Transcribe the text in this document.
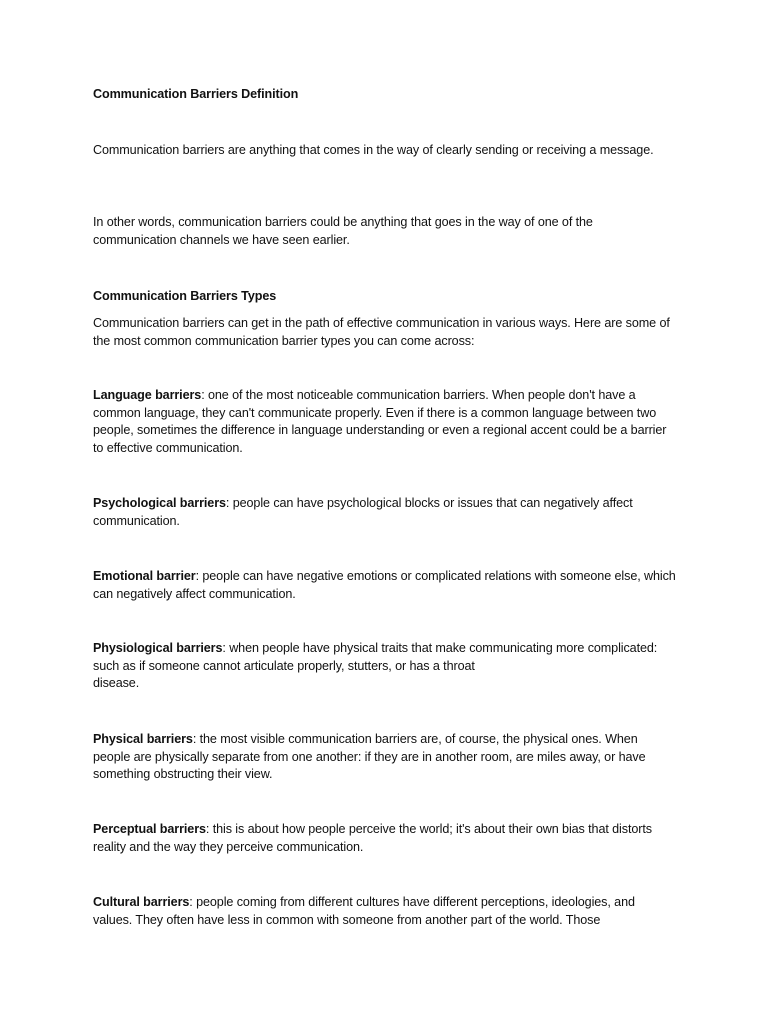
Communication Barriers Definition
Communication barriers are anything that comes in the way of clearly sending or receiving a message.
In other words, communication barriers could be anything that goes in the way of one of the communication channels we have seen earlier.
Communication Barriers Types
Communication barriers can get in the path of effective communication in various ways. Here are some of the most common communication barrier types you can come across:
Language barriers: one of the most noticeable communication barriers. When people don't have a common language, they can't communicate properly. Even if there is a common language between two people, sometimes the difference in language understanding or even a regional accent could be a barrier to effective communication.
Psychological barriers: people can have psychological blocks or issues that can negatively affect communication.
Emotional barrier: people can have negative emotions or complicated relations with someone else, which can negatively affect communication.
Physiological barriers: when people have physical traits that make communicating more complicated: such as if someone cannot articulate properly, stutters, or has a throat
disease.
Physical barriers: the most visible communication barriers are, of course, the physical ones. When people are physically separate from one another: if they are in another room, are miles away, or have something obstructing their view.
Perceptual barriers: this is about how people perceive the world; it's about their own bias that distorts reality and the way they perceive communication.
Cultural barriers: people coming from different cultures have different perceptions, ideologies, and values. They often have less in common with someone from another part of the world. Those
